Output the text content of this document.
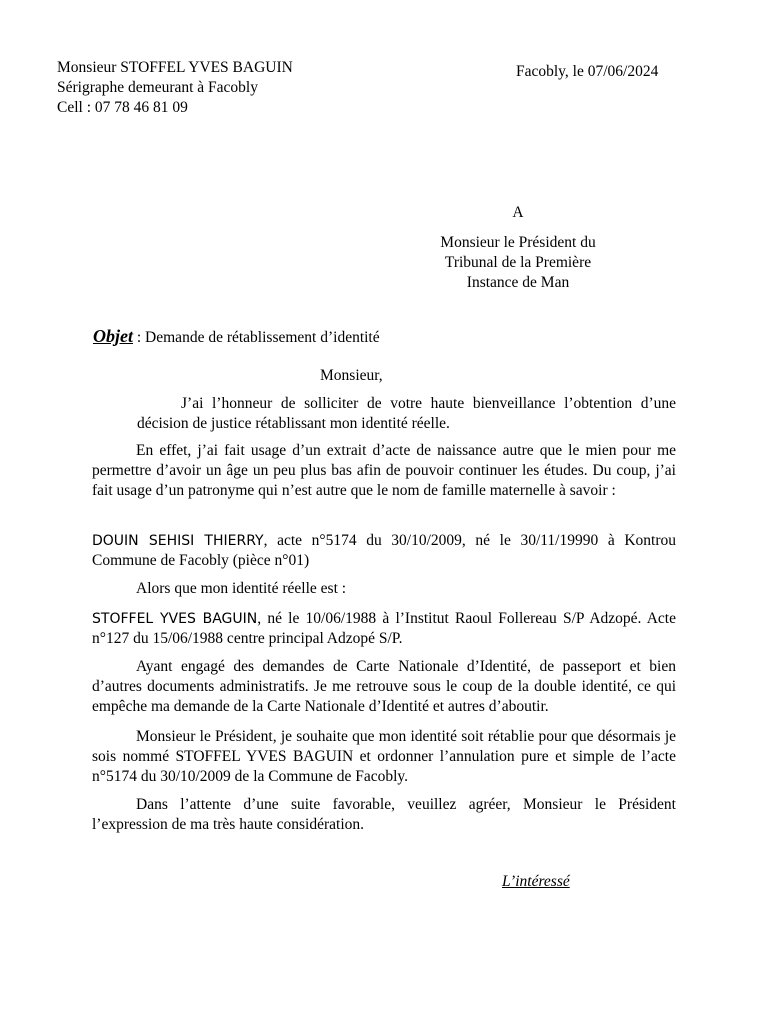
Monsieur STOFFEL YVES BAGUIN
Sérigraphe demeurant à Facobly
Cell : 07 78 46 81 09
Facobly, le 07/06/2024
A
Monsieur le Président du
Tribunal de la Première
Instance de Man
Objet : Demande de rétablissement d’identité
Monsieur,
J’ai l’honneur de solliciter de votre haute bienveillance l’obtention d’une décision de justice rétablissant mon identité réelle.
En effet, j’ai fait usage d’un extrait d’acte de naissance autre que le mien pour me permettre d’avoir un âge un peu plus bas afin de pouvoir continuer les études. Du coup, j’ai fait usage d’un patronyme qui n’est autre que le nom de famille maternelle à savoir :
DOUIN SEHISI THIERRY, acte n°5174 du 30/10/2009, né le 30/11/19990 à Kontrou Commune de Facobly (pièce n°01)
Alors que mon identité réelle est :
STOFFEL YVES BAGUIN, né le 10/06/1988 à l’Institut Raoul Follereau S/P Adzopé. Acte n°127 du 15/06/1988 centre principal Adzopé S/P.
Ayant engagé des demandes de Carte Nationale d’Identité, de passeport et bien d’autres documents administratifs. Je me retrouve sous le coup de la double identité, ce qui empêche ma demande de la Carte Nationale d’Identité et autres d’aboutir.
Monsieur le Président, je souhaite que mon identité soit rétablie pour que désormais je sois nommé STOFFEL YVES BAGUIN et ordonner l’annulation pure et simple de l’acte n°5174 du 30/10/2009 de la Commune de Facobly.
Dans l’attente d’une suite favorable, veuillez agréer, Monsieur le Président l’expression de ma très haute considération.
L’intéressé
